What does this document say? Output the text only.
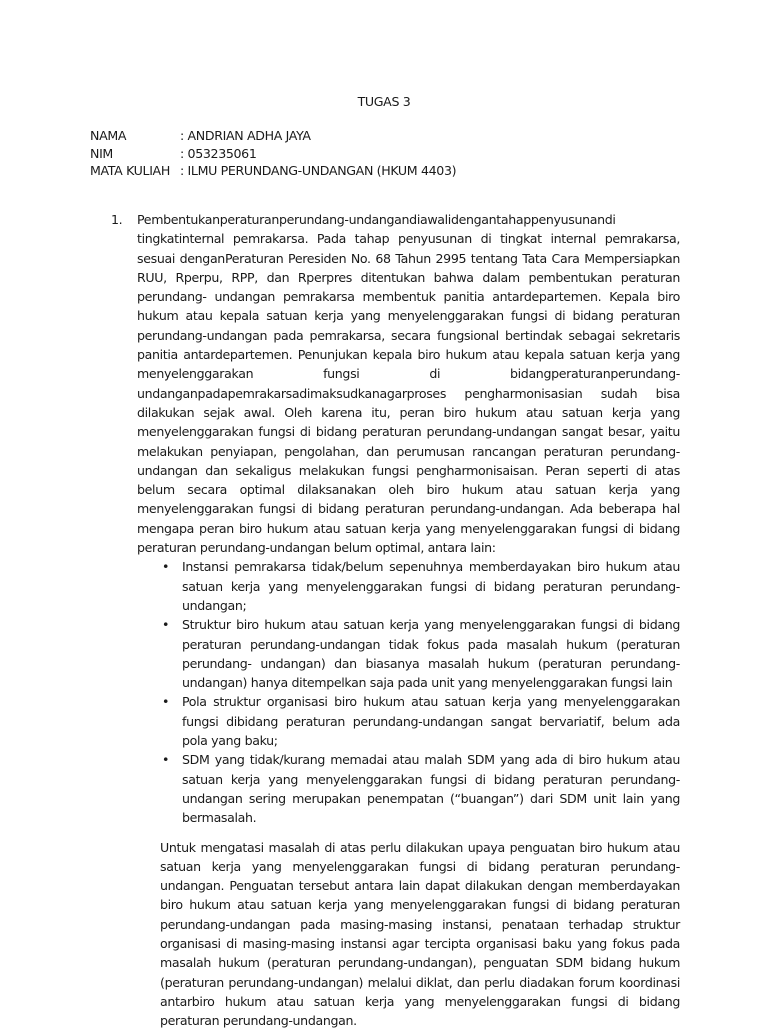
TUGAS 3
NAMA	: ANDRIAN ADHA JAYA
NIM	: 053235061
MATA KULIAH : ILMU PERUNDANG-UNDANGAN (HKUM 4403)
1. Pembentukanperaturanperundang-undangandiawalidengantahappenyusunandi tingkatinternal pemrakarsa. Pada tahap penyusunan di tingkat internal pemrakarsa, sesuai denganPeraturan Peresiden No. 68 Tahun 2995 tentang Tata Cara Mempersiapkan RUU, Rperpu, RPP, dan Rperpres ditentukan bahwa dalam pembentukan peraturan perundang- undangan pemrakarsa membentuk panitia antardepartemen. Kepala biro hukum atau kepala satuan kerja yang menyelenggarakan fungsi di bidang peraturan perundang-undangan pada pemrakarsa, secara fungsional bertindak sebagai sekretaris panitia antardepartemen. Penunjukan kepala biro hukum atau kepala satuan kerja yang menyelenggarakan fungsi di bidangperaturanperundang-undanganpadapemrakarsadimaksudkanagarproses pengharmonisasian sudah bisa dilakukan sejak awal. Oleh karena itu, peran biro hukum atau satuan kerja yang menyelenggarakan fungsi di bidang peraturan perundang-undangan sangat besar, yaitu melakukan penyiapan, pengolahan, dan perumusan rancangan peraturan perundang-undangan dan sekaligus melakukan fungsi pengharmonisaisan. Peran seperti di atas belum secara optimal dilaksanakan oleh biro hukum atau satuan kerja yang menyelenggarakan fungsi di bidang peraturan perundang-undangan. Ada beberapa hal mengapa peran biro hukum atau satuan kerja yang menyelenggarakan fungsi di bidang peraturan perundang-undangan belum optimal, antara lain:

• Instansi pemrakarsa tidak/belum sepenuhnya memberdayakan biro hukum atau satuan kerja yang menyelenggarakan fungsi di bidang peraturan perundang-undangan;
• Struktur biro hukum atau satuan kerja yang menyelenggarakan fungsi di bidang peraturan perundang-undangan tidak fokus pada masalah hukum (peraturan perundang- undangan) dan biasanya masalah hukum (peraturan perundang-undangan) hanya ditempelkan saja pada unit yang menyelenggarakan fungsi lain
• Pola struktur organisasi biro hukum atau satuan kerja yang menyelenggarakan fungsi dibidang peraturan perundang-undangan sangat bervariatif, belum ada pola yang baku;
• SDM yang tidak/kurang memadai atau malah SDM yang ada di biro hukum atau satuan kerja yang menyelenggarakan fungsi di bidang peraturan perundang-undangan sering merupakan penempatan (“buangan”) dari SDM unit lain yang bermasalah.

Untuk mengatasi masalah di atas perlu dilakukan upaya penguatan biro hukum atau satuan kerja yang menyelenggarakan fungsi di bidang peraturan perundang-undangan. Penguatan tersebut antara lain dapat dilakukan dengan memberdayakan biro hukum atau satuan kerja yang menyelenggarakan fungsi di bidang peraturan perundang-undangan pada masing-masing instansi, penataan terhadap struktur organisasi di masing-masing instansi agar tercipta organisasi baku yang fokus pada masalah hukum (peraturan perundang-undangan), penguatan SDM bidang hukum (peraturan perundang-undangan) melalui diklat, dan perlu diadakan forum koordinasi antarbiro hukum atau satuan kerja yang menyelenggarakan fungsi di bidang peraturan perundang-undangan.
